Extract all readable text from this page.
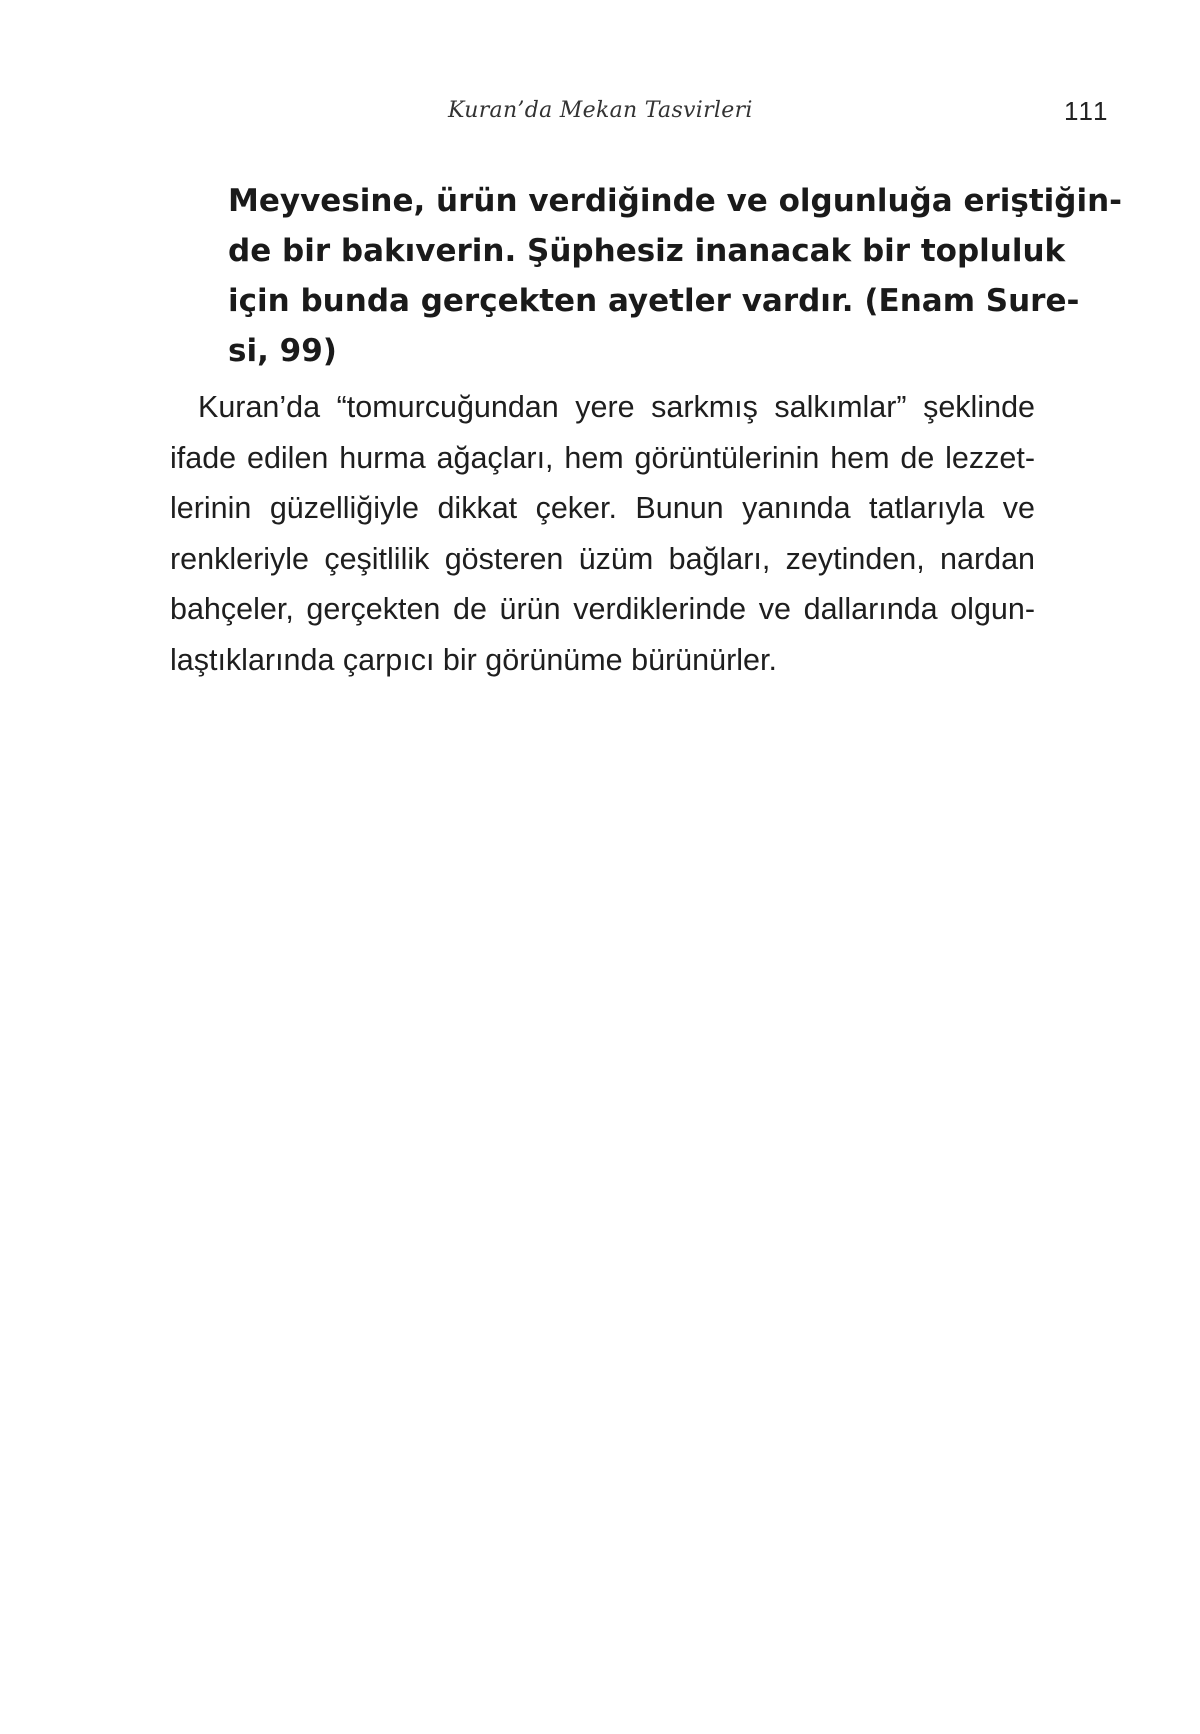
Kuran’da Mekan Tasvirleri	111
Meyvesine, ürün verdiğinde ve olgunluğa eriştiğin-
de bir bakıverin. Şüphesiz inanacak bir topluluk
için bunda gerçekten ayetler vardır. (Enam Sure-
si, 99)
Kuran’da “tomurcuğundan yere sarkmış salkımlar” şeklinde
ifade edilen hurma ağaçları, hem görüntülerinin hem de lezzet-
lerinin güzelliğiyle dikkat çeker. Bunun yanında tatlarıyla ve
renkleriyle çeşitlilik gösteren üzüm bağları, zeytinden, nardan
bahçeler, gerçekten de ürün verdiklerinde ve dallarında olgun-
laştıklarında çarpıcı bir görünüme bürünürler.
